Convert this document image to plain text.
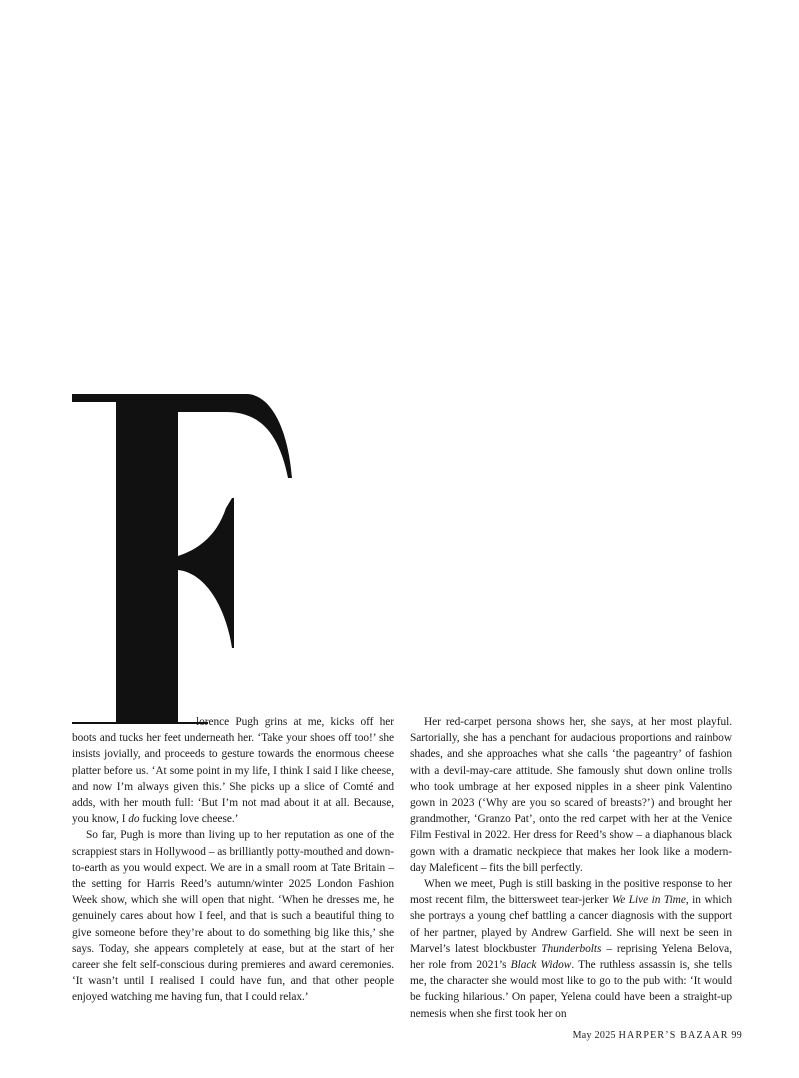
lorence Pugh grins at me, kicks off her boots and tucks her feet underneath her. ‘Take your shoes off too!’ she insists jovially, and proceeds to gesture towards the enormous cheese platter before us. ‘At some point in my life, I think I said I like cheese, and now I’m always given this.’ She picks up a slice of Comté and adds, with her mouth full: ‘But I’m not mad about it at all. Because, you know, I do fucking love cheese.’

So far, Pugh is more than living up to her reputation as one of the scrappiest stars in Hollywood – as brilliantly potty-mouthed and down-to-earth as you would expect. We are in a small room at Tate Britain – the setting for Harris Reed’s autumn/winter 2025 London Fashion Week show, which she will open that night. ‘When he dresses me, he genuinely cares about how I feel, and that is such a beautiful thing to give someone before they’re about to do something big like this,’ she says. Today, she appears completely at ease, but at the start of her career she felt self-conscious during premieres and award ceremonies. ‘It wasn’t until I realised I could have fun, and that other people enjoyed watching me having fun, that I could relax.’

Her red-carpet persona shows her, she says, at her most playful. Sartorially, she has a penchant for audacious proportions and rainbow shades, and she approaches what she calls ‘the pageantry’ of fashion with a devil-may-care attitude. She famously shut down online trolls who took umbrage at her exposed nipples in a sheer pink Valentino gown in 2023 (‘Why are you so scared of breasts?’) and brought her grandmother, ‘Granzo Pat’, onto the red carpet with her at the Venice Film Festival in 2022. Her dress for Reed’s show – a diaphanous black gown with a dramatic neckpiece that makes her look like a modern-day Maleficent – fits the bill perfectly.

When we meet, Pugh is still basking in the positive response to her most recent film, the bittersweet tear-jerker We Live in Time, in which she portrays a young chef battling a cancer diagnosis with the support of her partner, played by Andrew Garfield. She will next be seen in Marvel’s latest blockbuster Thunderbolts – reprising Yelena Belova, her role from 2021’s Black Widow. The ruthless assassin is, she tells me, the character she would most like to go to the pub with: ‘It would be fucking hilarious.’ On paper, Yelena could have been a straight-up nemesis when she first took her on

May 2025 HARPER’S BAZAAR 99
